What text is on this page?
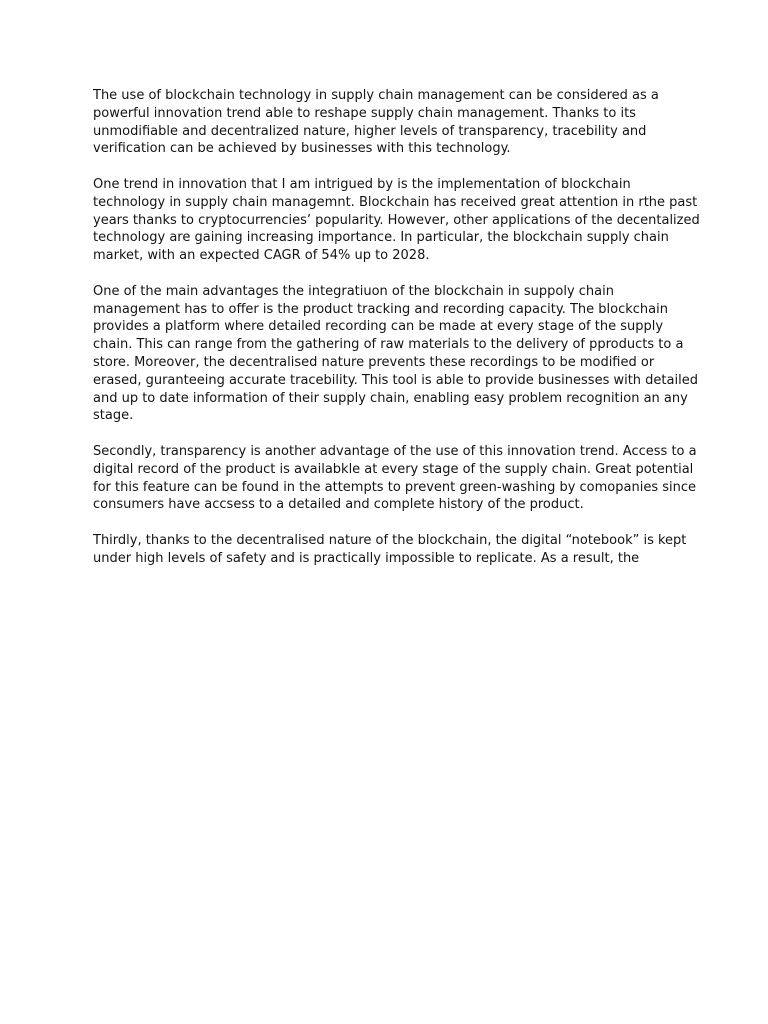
The use of blockchain technology in supply chain management can be considered as a
powerful innovation trend able to reshape supply chain management. Thanks to its
unmodifiable and decentralized nature, higher levels of transparency, tracebility and
verification can be achieved by businesses with this technology.

One trend in innovation that I am intrigued by is the implementation of blockchain
technology in supply chain managemnt. Blockchain has received great attention in rthe past
years thanks to cryptocurrencies’ popularity. However, other applications of the decentalized
technology are gaining increasing importance. In particular, the blockchain supply chain
market, with an expected CAGR of 54% up to 2028.

One of the main advantages the integratiuon of the blockchain in suppoly chain
management has to offer is the product tracking and recording capacity. The blockchain
provides a platform where detailed recording can be made at every stage of the supply
chain. This can range from the gathering of raw materials to the delivery of pproducts to a
store. Moreover, the decentralised nature prevents these recordings to be modified or
erased, guranteeing accurate tracebility. This tool is able to provide businesses with detailed
and up to date information of their supply chain, enabling easy problem recognition an any
stage.

Secondly, transparency is another advantage of the use of this innovation trend. Access to a
digital record of the product is availabkle at every stage of the supply chain. Great potential
for this feature can be found in the attempts to prevent green-washing by comopanies since
consumers have accsess to a detailed and complete history of the product.

Thirdly, thanks to the decentralised nature of the blockchain, the digital “notebook” is kept
under high levels of safety and is practically impossible to replicate. As a result, the
